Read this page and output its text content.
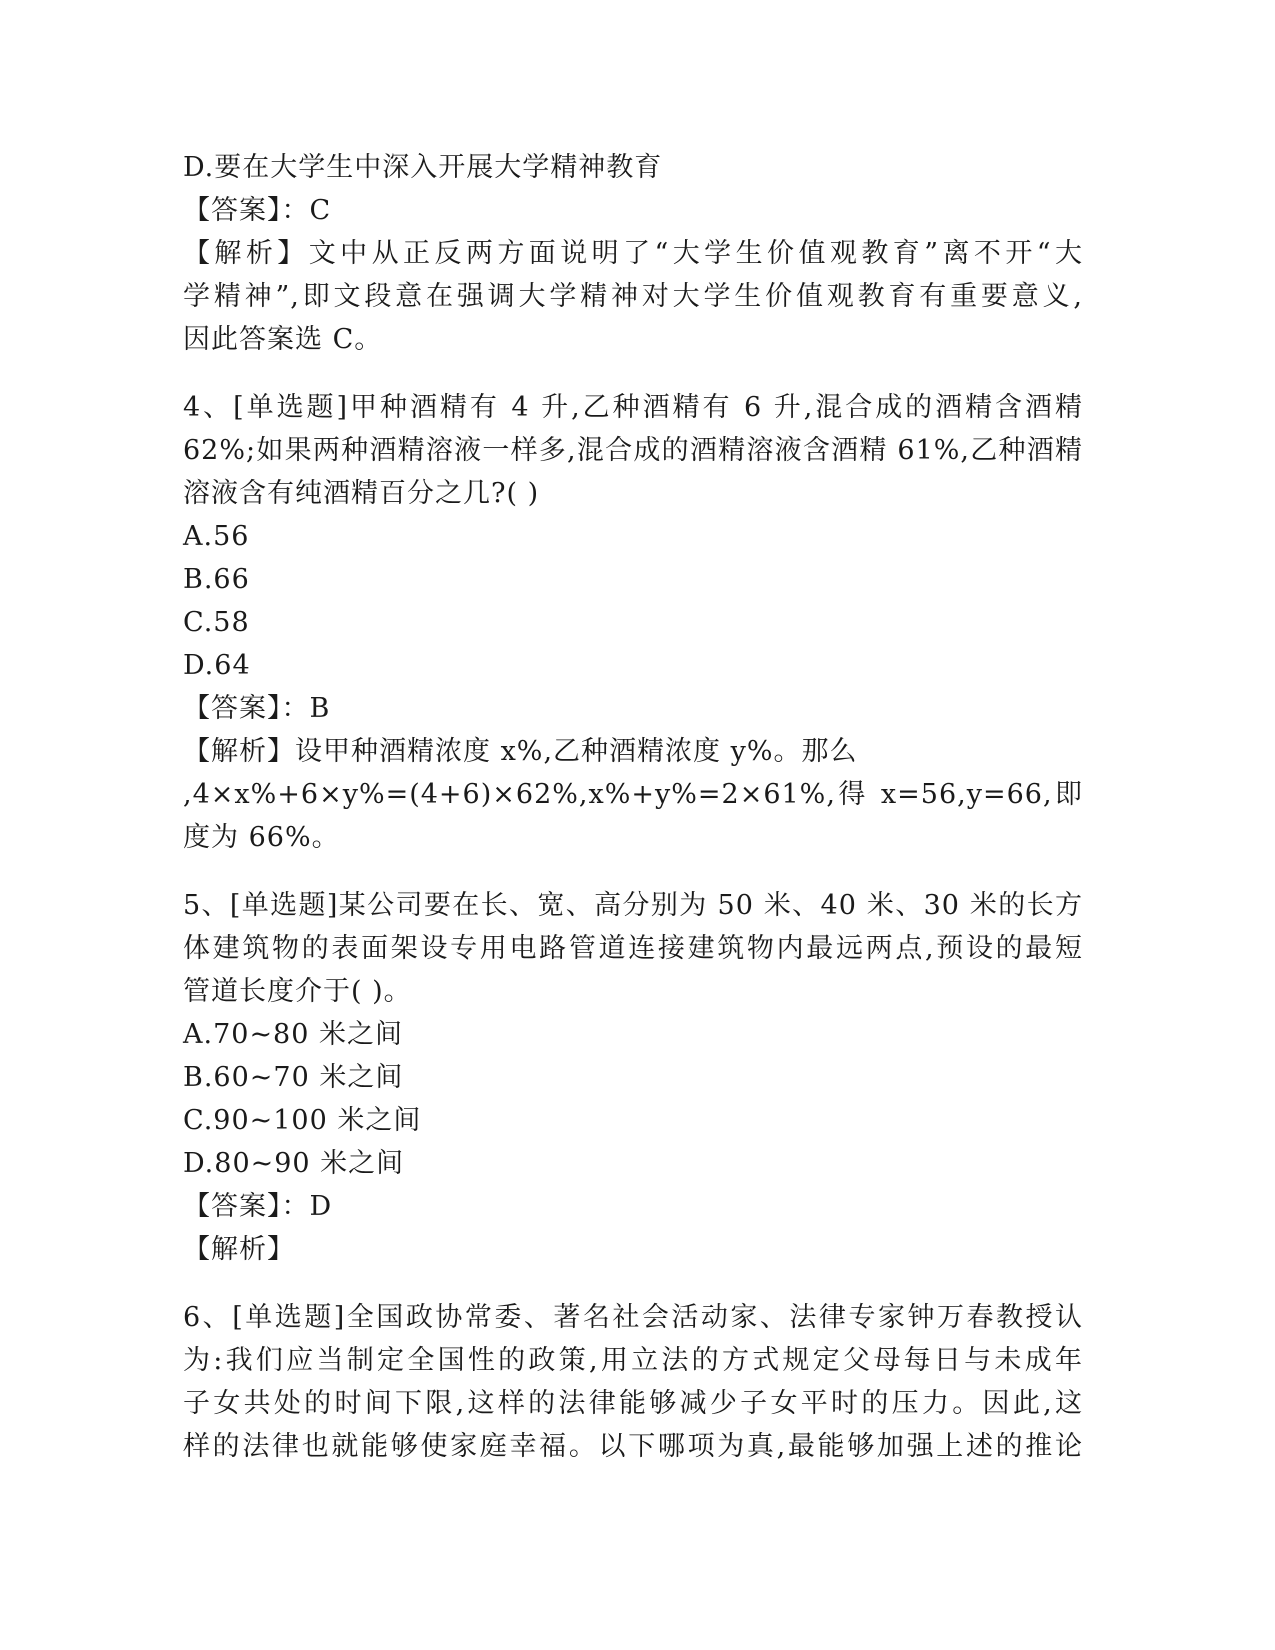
D.要在大学生中深入开展大学精神教育
【答案】：C
【解析】文中从正反两方面说明了“大学生价值观教育”离不开“大
学精神”,即文段意在强调大学精神对大学生价值观教育有重要意义,
因此答案选 C。
4、[单选题]甲种酒精有 4 升,乙种酒精有 6 升,混合成的酒精含酒精
62%;如果两种酒精溶液一样多,混合成的酒精溶液含酒精 61%,乙种酒精
溶液含有纯酒精百分之几?( )
A.56
B.66
C.58
D.64
【答案】：B
【解析】设甲种酒精浓度 x%,乙种酒精浓度 y%。那么
,4×x%+6×y%=(4+6)×62%,x%+y%=2×61%,得 x=56,y=66,即
度为 66%。
5、[单选题]某公司要在长、宽、高分别为 50 米、40 米、30 米的长方
体建筑物的表面架设专用电路管道连接建筑物内最远两点,预设的最短
管道长度介于( )。
A.70~80 米之间
B.60~70 米之间
C.90~100 米之间
D.80~90 米之间
【答案】：D
【解析】
6、[单选题]全国政协常委、著名社会活动家、法律专家钟万春教授认
为:我们应当制定全国性的政策,用立法的方式规定父母每日与未成年
子女共处的时间下限,这样的法律能够减少子女平时的压力。因此,这
样的法律也就能够使家庭幸福。以下哪项为真,最能够加强上述的推论
